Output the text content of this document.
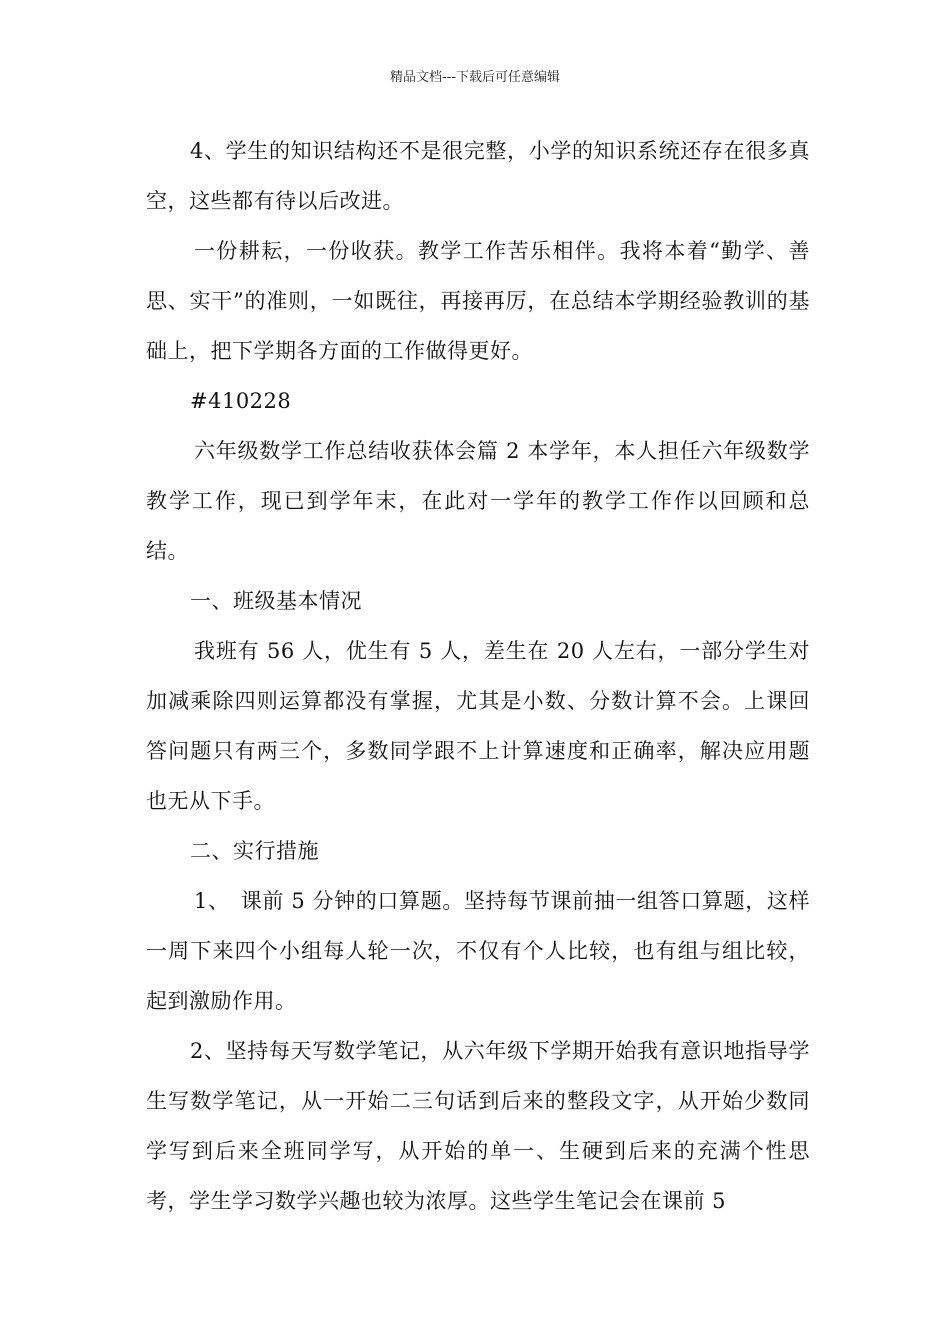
精品文档---下载后可任意编辑

4、学生的知识结构还不是很完整，小学的知识系统还存在很多真空，这些都有待以后改进。

一份耕耘，一份收获。教学工作苦乐相伴。我将本着“勤学、善思、实干”的准则，一如既往，再接再厉，在总结本学期经验教训的基础上，把下学期各方面的工作做得更好。

#410228

六年级数学工作总结收获体会篇 2 本学年，本人担任六年级数学教学工作，现已到学年末，在此对一学年的教学工作作以回顾和总结。

一、班级基本情况

我班有 56 人，优生有 5 人，差生在 20 人左右，一部分学生对加减乘除四则运算都没有掌握，尤其是小数、分数计算不会。上课回答问题只有两三个，多数同学跟不上计算速度和正确率，解决应用题也无从下手。

二、实行措施

1、　课前 5 分钟的口算题。坚持每节课前抽一组答口算题，这样一周下来四个小组每人轮一次，不仅有个人比较，也有组与组比较，起到激励作用。

2、坚持每天写数学笔记，从六年级下学期开始我有意识地指导学生写数学笔记，从一开始二三句话到后来的整段文字，从开始少数同学写到后来全班同学写，从开始的单一、生硬到后来的充满个性思考，学生学习数学兴趣也较为浓厚。这些学生笔记会在课前 5
